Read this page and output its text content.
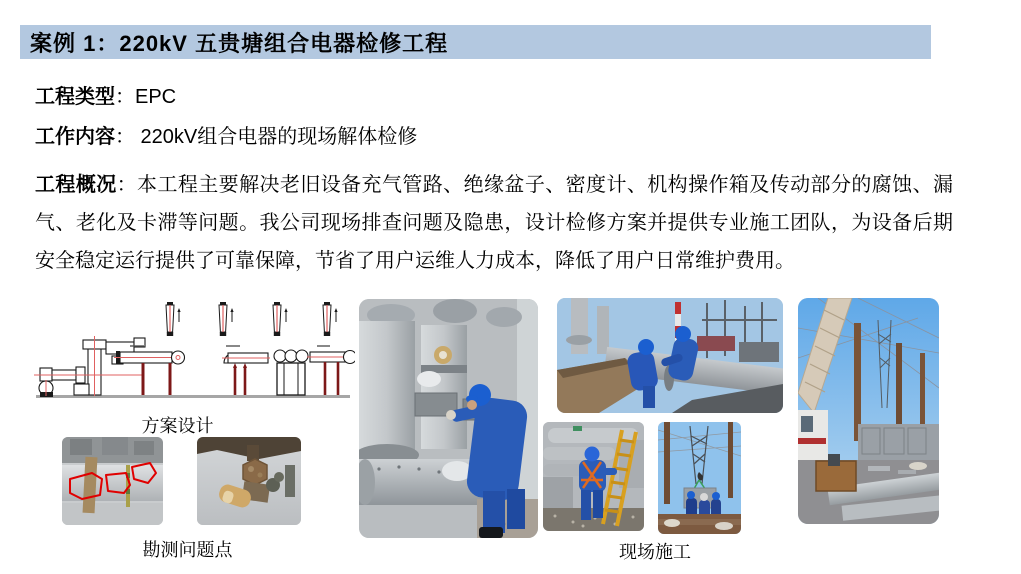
案例 1：220kV 五贵塘组合电器检修工程
工程类型：EPC
工作内容： 220kV组合电器的现场解体检修
工程概况：本工程主要解决老旧设备充气管路、绝缘盆子、密度计、机构操作箱及传动部分的腐蚀、漏气、老化及卡滞等问题。我公司现场排查问题及隐患，设计检修方案并提供专业施工团队，为设备后期安全稳定运行提供了可靠保障，节省了用户运维人力成本，降低了用户日常维护费用。
方案设计
勘测问题点	现场施工
